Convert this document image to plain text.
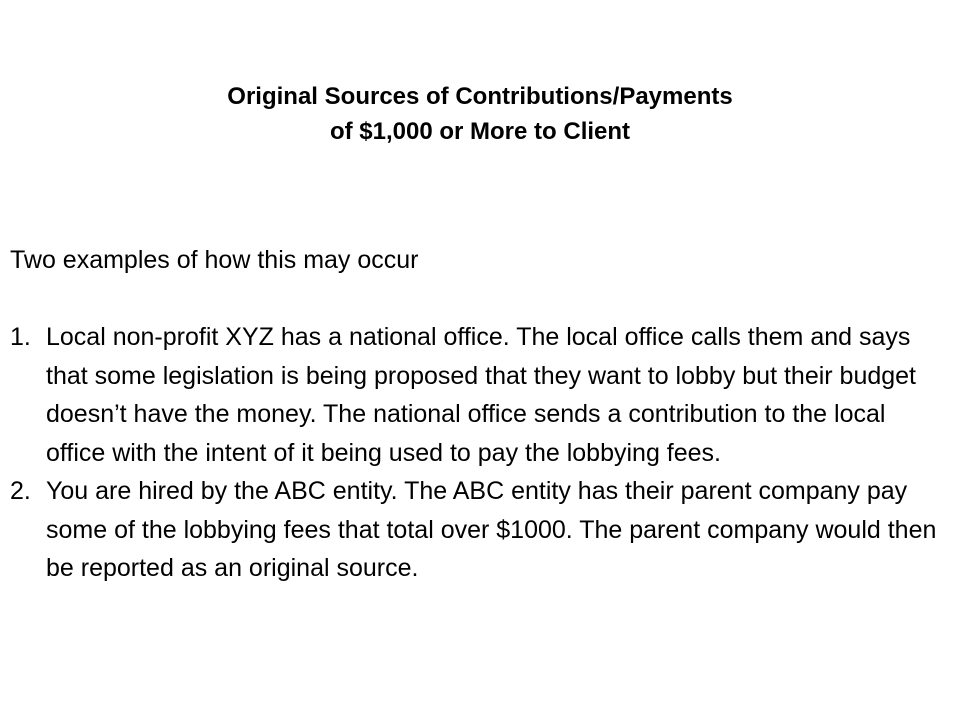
Original Sources of Contributions/Payments
of $1,000 or More to Client

Two examples of how this may occur

1. Local non-profit XYZ has a national office. The local office calls them and says that some legislation is being proposed that they want to lobby but their budget doesn’t have the money. The national office sends a contribution to the local office with the intent of it being used to pay the lobbying fees.
2. You are hired by the ABC entity. The ABC entity has their parent company pay some of the lobbying fees that total over $1000. The parent company would then be reported as an original source.
